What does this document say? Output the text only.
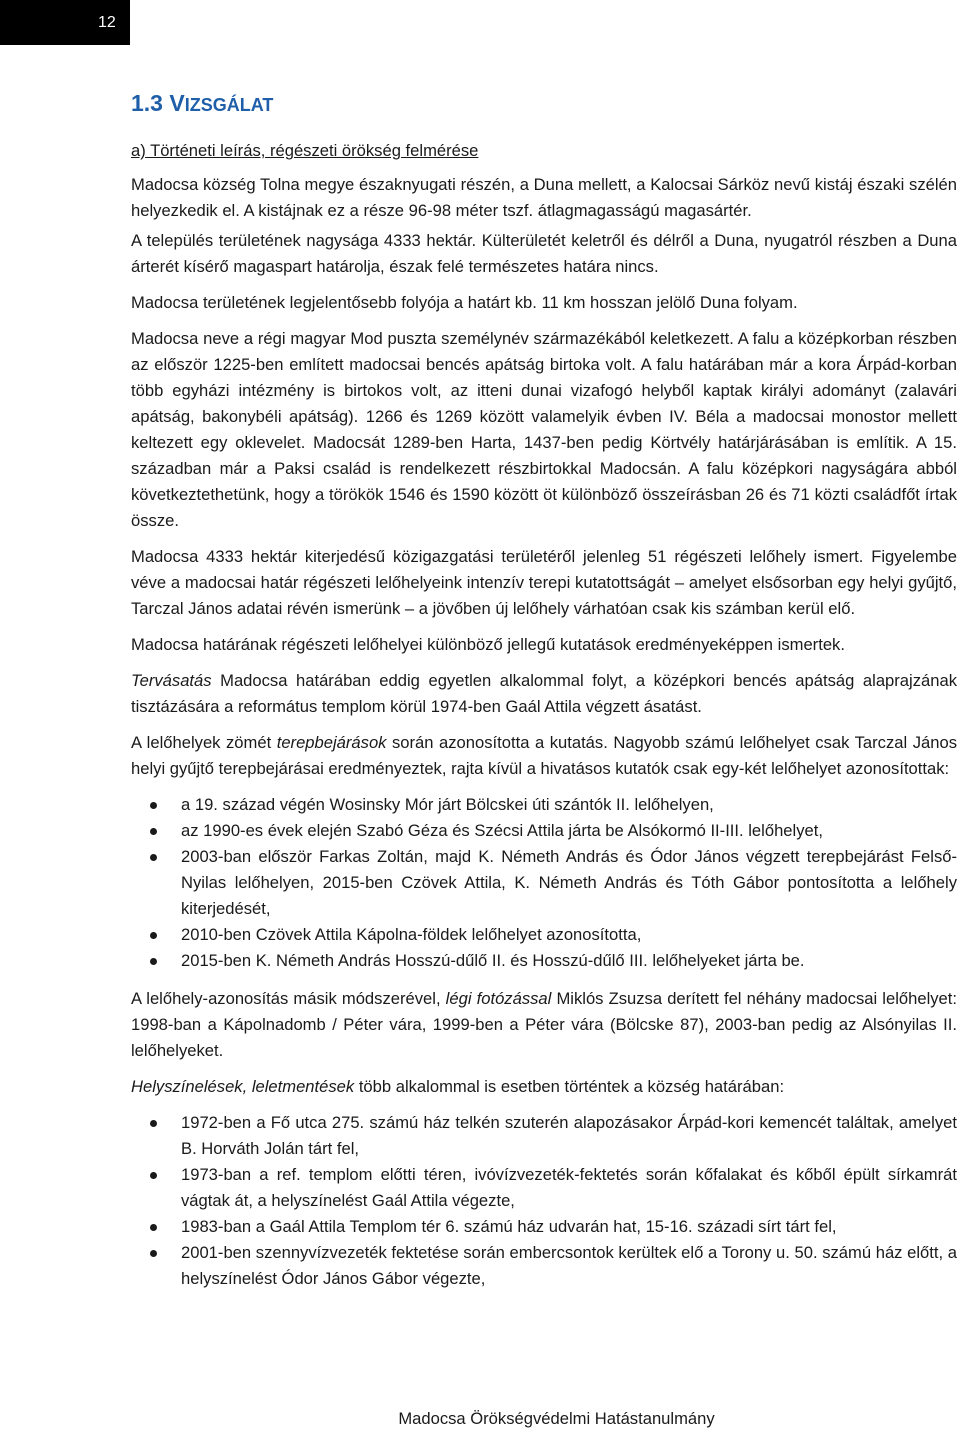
12
1.3 VIZSGÁLAT
a) Történeti leírás, régészeti örökség felmérése

Madocsa község Tolna megye északnyugati részén, a Duna mellett, a Kalocsai Sárköz nevű kistáj északi szélén helyezkedik el. A kistájnak ez a része 96-98 méter tszf. átlagmagasságú magasártér.

A település területének nagysága 4333 hektár. Külterületét keletről és délről a Duna, nyugatról részben a Duna árterét kísérő magaspart határolja, észak felé természetes határa nincs.

Madocsa területének legjelentősebb folyója a határt kb. 11 km hosszan jelölő Duna folyam.

Madocsa neve a régi magyar Mod puszta személynév származékából keletkezett. A falu a középkorban részben az először 1225-ben említett madocsai bencés apátság birtoka volt. A falu határában már a kora Árpád-korban több egyházi intézmény is birtokos volt, az itteni dunai vizafogó helyből kaptak királyi adományt (zalavári apátság, bakonybéli apátság). 1266 és 1269 között valamelyik évben IV. Béla a madocsai monostor mellett keltezett egy oklevelet. Madocsát 1289-ben Harta, 1437-ben pedig Körtvély határjárásában is említik. A 15. században már a Paksi család is rendelkezett részbirtokkal Madocsán. A falu középkori nagyságára abból következtethetünk, hogy a törökök 1546 és 1590 között öt különböző összeírásban 26 és 71 közti családfőt írtak össze.

Madocsa 4333 hektár kiterjedésű közigazgatási területéről jelenleg 51 régészeti lelőhely ismert. Figyelembe véve a madocsai határ régészeti lelőhelyeink intenzív terepi kutatottságát – amelyet elsősorban egy helyi gyűjtő, Tarczal János adatai révén ismerünk – a jövőben új lelőhely várhatóan csak kis számban kerül elő.

Madocsa határának régészeti lelőhelyei különböző jellegű kutatások eredményeképpen ismertek.

Tervásatás Madocsa határában eddig egyetlen alkalommal folyt, a középkori bencés apátság alaprajzának tisztázására a református templom körül 1974-ben Gaál Attila végzett ásatást.

A lelőhelyek zömét terepbejárások során azonosította a kutatás. Nagyobb számú lelőhelyet csak Tarczal János helyi gyűjtő terepbejárásai eredményeztek, rajta kívül a hivatásos kutatók csak egy-két lelőhelyet azonosítottak:

a 19. század végén Wosinsky Mór járt Bölcskei úti szántók II. lelőhelyen,
az 1990-es évek elején Szabó Géza és Szécsi Attila járta be Alsókormó II-III. lelőhelyet,
2003-ban először Farkas Zoltán, majd K. Németh András és Ódor János végzett terepbejárást Felső-Nyilas lelőhelyen, 2015-ben Czövek Attila, K. Németh András és Tóth Gábor pontosította a lelőhely kiterjedését,
2010-ben Czövek Attila Kápolna-földek lelőhelyet azonosította,
2015-ben K. Németh András Hosszú-dűlő II. és Hosszú-dűlő III. lelőhelyeket járta be.

A lelőhely-azonosítás másik módszerével, légi fotózással Miklós Zsuzsa derített fel néhány madocsai lelőhelyet: 1998-ban a Kápolnadomb / Péter vára, 1999-ben a Péter vára (Bölcske 87), 2003-ban pedig az Alsónyilas II. lelőhelyeket.

Helyszínelések, leletmentések több alkalommal is esetben történtek a község határában:

1972-ben a Fő utca 275. számú ház telkén szuterén alapozásakor Árpád-kori kemencét találtak, amelyet B. Horváth Jolán tárt fel,
1973-ban a ref. templom előtti téren, ivóvízvezeték-fektetés során kőfalakat és kőből épült sírkamrát vágtak át, a helyszínelést Gaál Attila végezte,
1983-ban a Gaál Attila Templom tér 6. számú ház udvarán hat, 15-16. századi sírt tárt fel,
2001-ben szennyvízvezeték fektetése során embercsontok kerültek elő a Torony u. 50. számú ház előtt, a helyszínelést Ódor János Gábor végezte,
Madocsa Örökségvédelmi Hatástanulmány
